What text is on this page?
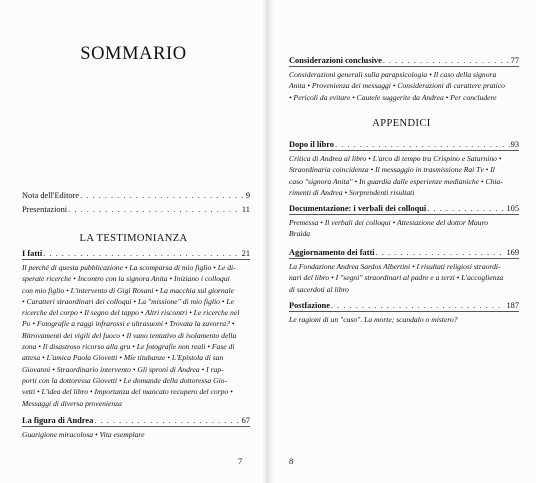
SOMMARIO
Nota dell'Editore . . .	9
Presentazioni . . .	11
LA TESTIMONIANZA
I fatti . . .	21
Il perché di questa pubblicazione • La scomparsa di mio figlio • Le di-
sperate ricerche • Incontro con la signora Anita • Iniziano i colloqui
con mio figlio • L'intervento di Gigi Rosani • La macchia sul giornale
• Caratteri straordinari dei colloqui • La "missione" di mio figlio • Le
ricerche del corpo • Il segno del tappo • Altri riscontri • Le ricerche nel
Po • Fotografie a raggi infrarossi e ultrasuoni • Trovata la zavorra? •
Ritrovamenti dei vigili del fuoco • Il vano tentativo di isolamento della
zona • Il disastroso ricorso alla gru • Le fotografie non reali • Fase di
attesa • L'amica Paola Giovetti • Mie titubanze • L'Epistola di san
Giovanni • Straordinario intervento • Gli sproni di Andrea • I rap-
porti con la dottoressa Giovetti • Le domande della dottoressa Gio-
vetti • L'idea del libro • Importanza del mancato recupero del corpo •
Messaggi di diversa provenienza
La figura di Andrea . . .	67
Guarigione miracolosa • Vita esemplare
7
Considerazioni conclusive . . .	77
Considerazioni generali sulla parapsicologia • Il caso della signora
Anita • Provenienza dei messaggi • Considerazioni di carattere pratico
• Pericoli da evitare • Cautele suggerite da Andrea • Per concludere
APPENDICI
Dopo il libro . . .	93
Critica di Andrea al libro • L'arco di tempo tra Crispino e Saturnino •
Straordinaria coincidenza • Il messaggio in trasmissione Rai Tv • Il
caso "signora Anita" • In guardia dalle esperienze medianiche • Chia-
rimenti di Andrea • Sorprendenti risultati
Documentazione: i verbali dei colloqui . . .	105
Premessa • Il verbali dei colloqui • Attestazione del dottor Mauro
Braida
Aggiornamento dei fatti . . .	169
La Fondazione Andrea Sardos Albertini • I risultati religiosi straordi-
nari del libro • I "segni" straordinari al padre e a terzi • L'accoglienza
di sacerdoti al libro
Postfazione . . .	187
Le ragioni di un "caso". La morte; scandalo o mistero?
8
